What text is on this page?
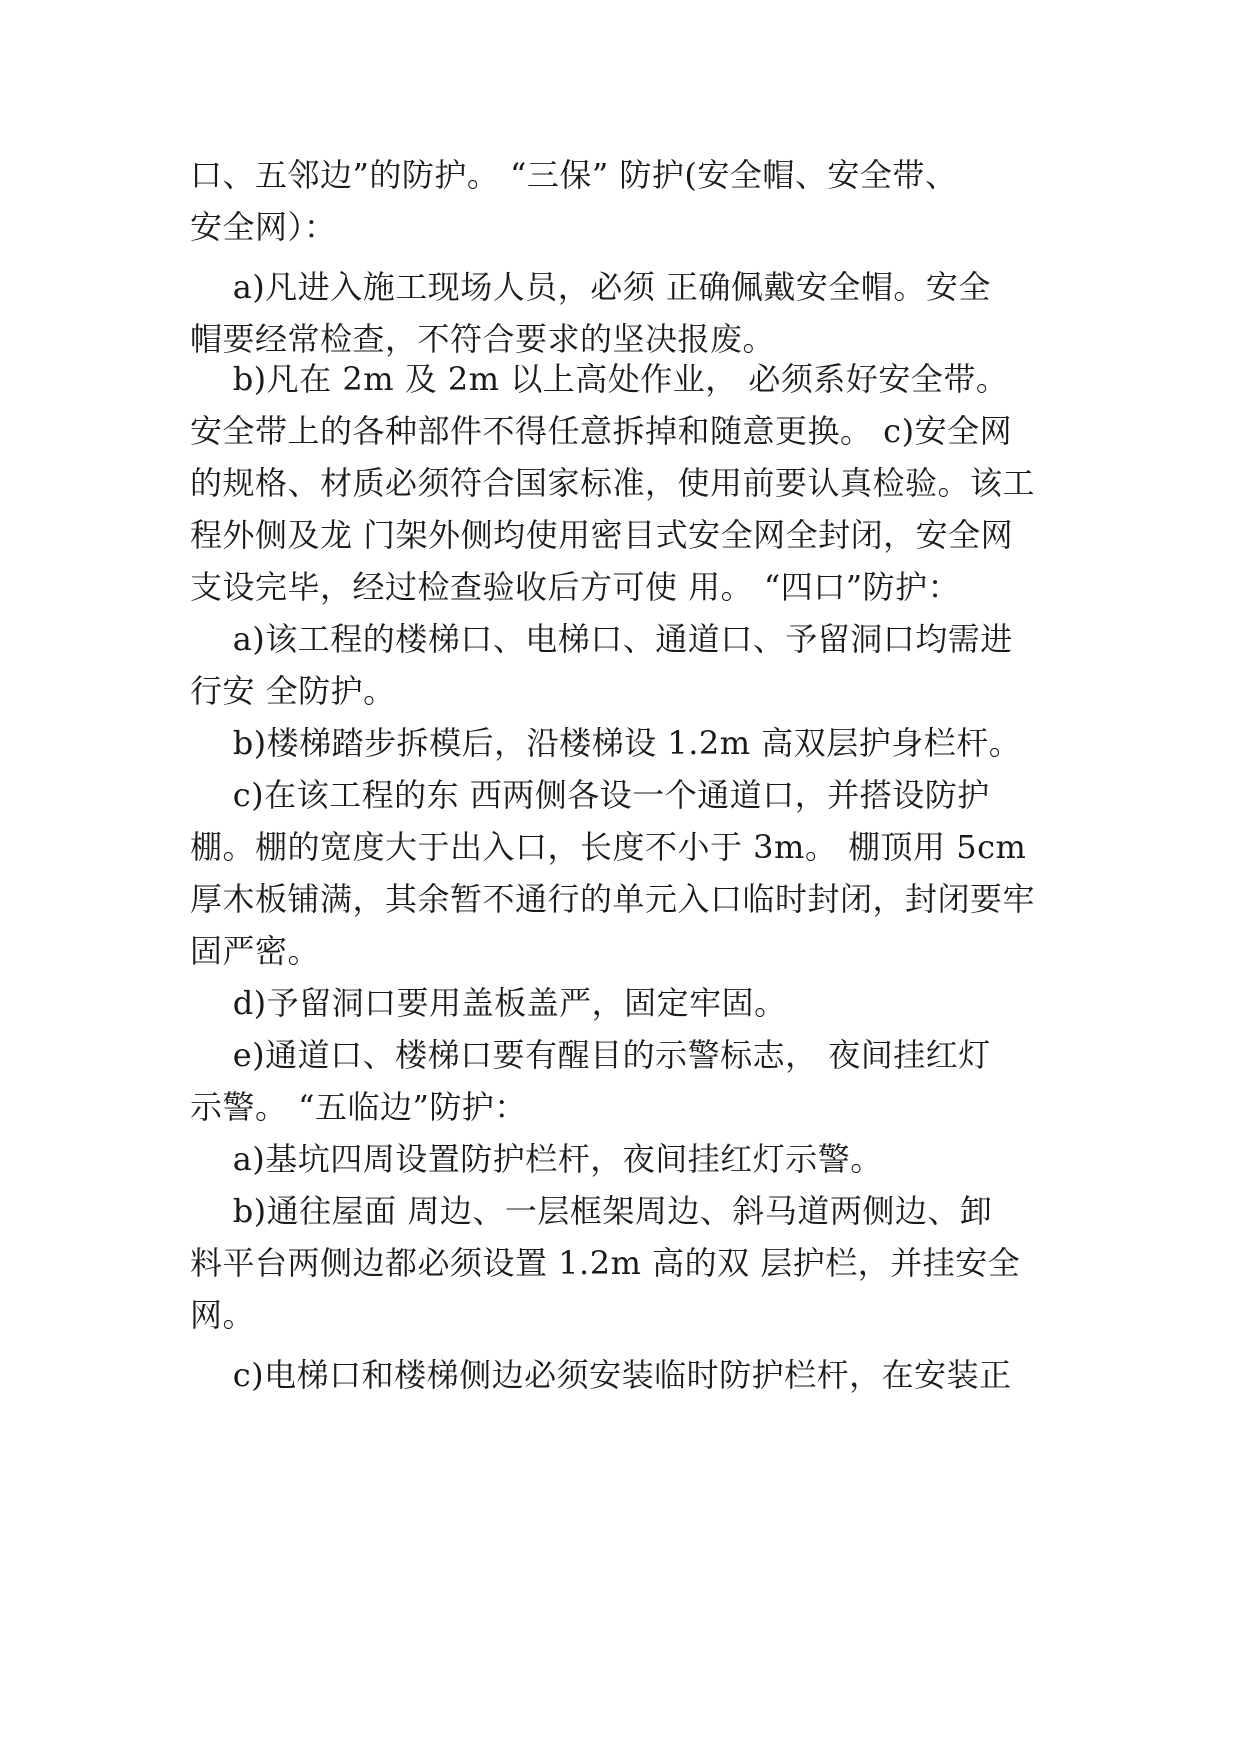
口、五邻边”的防护。 “三保” 防护(安全帽、安全带、
安全网）：
a)凡进入施工现场人员，必须 正确佩戴安全帽。安全
帽要经常检查，不符合要求的坚决报废。
b)凡在 2m 及 2m 以上高处作业， 必须系好安全带。
安全带上的各种部件不得任意拆掉和随意更换。 c)安全网
的规格、材质必须符合国家标准，使用前要认真检验。该工
程外侧及龙 门架外侧均使用密目式安全网全封闭，安全网
支设完毕，经过检查验收后方可使 用。 “四口”防护：
a)该工程的楼梯口、电梯口、通道口、予留洞口均需进
行安 全防护。
b)楼梯踏步拆模后，沿楼梯设 1.2m 高双层护身栏杆。
c)在该工程的东 西两侧各设一个通道口，并搭设防护
棚。棚的宽度大于出入口，长度不小于 3m。 棚顶用 5cm
厚木板铺满，其余暂不通行的单元入口临时封闭，封闭要牢
固严密。
d)予留洞口要用盖板盖严，固定牢固。
e)通道口、楼梯口要有醒目的示警标志， 夜间挂红灯
示警。 “五临边”防护：
a)基坑四周设置防护栏杆，夜间挂红灯示警。
b)通往屋面 周边、一层框架周边、斜马道两侧边、卸
料平台两侧边都必须设置 1.2m 高的双 层护栏，并挂安全
网。
c)电梯口和楼梯侧边必须安装临时防护栏杆，在安装正
